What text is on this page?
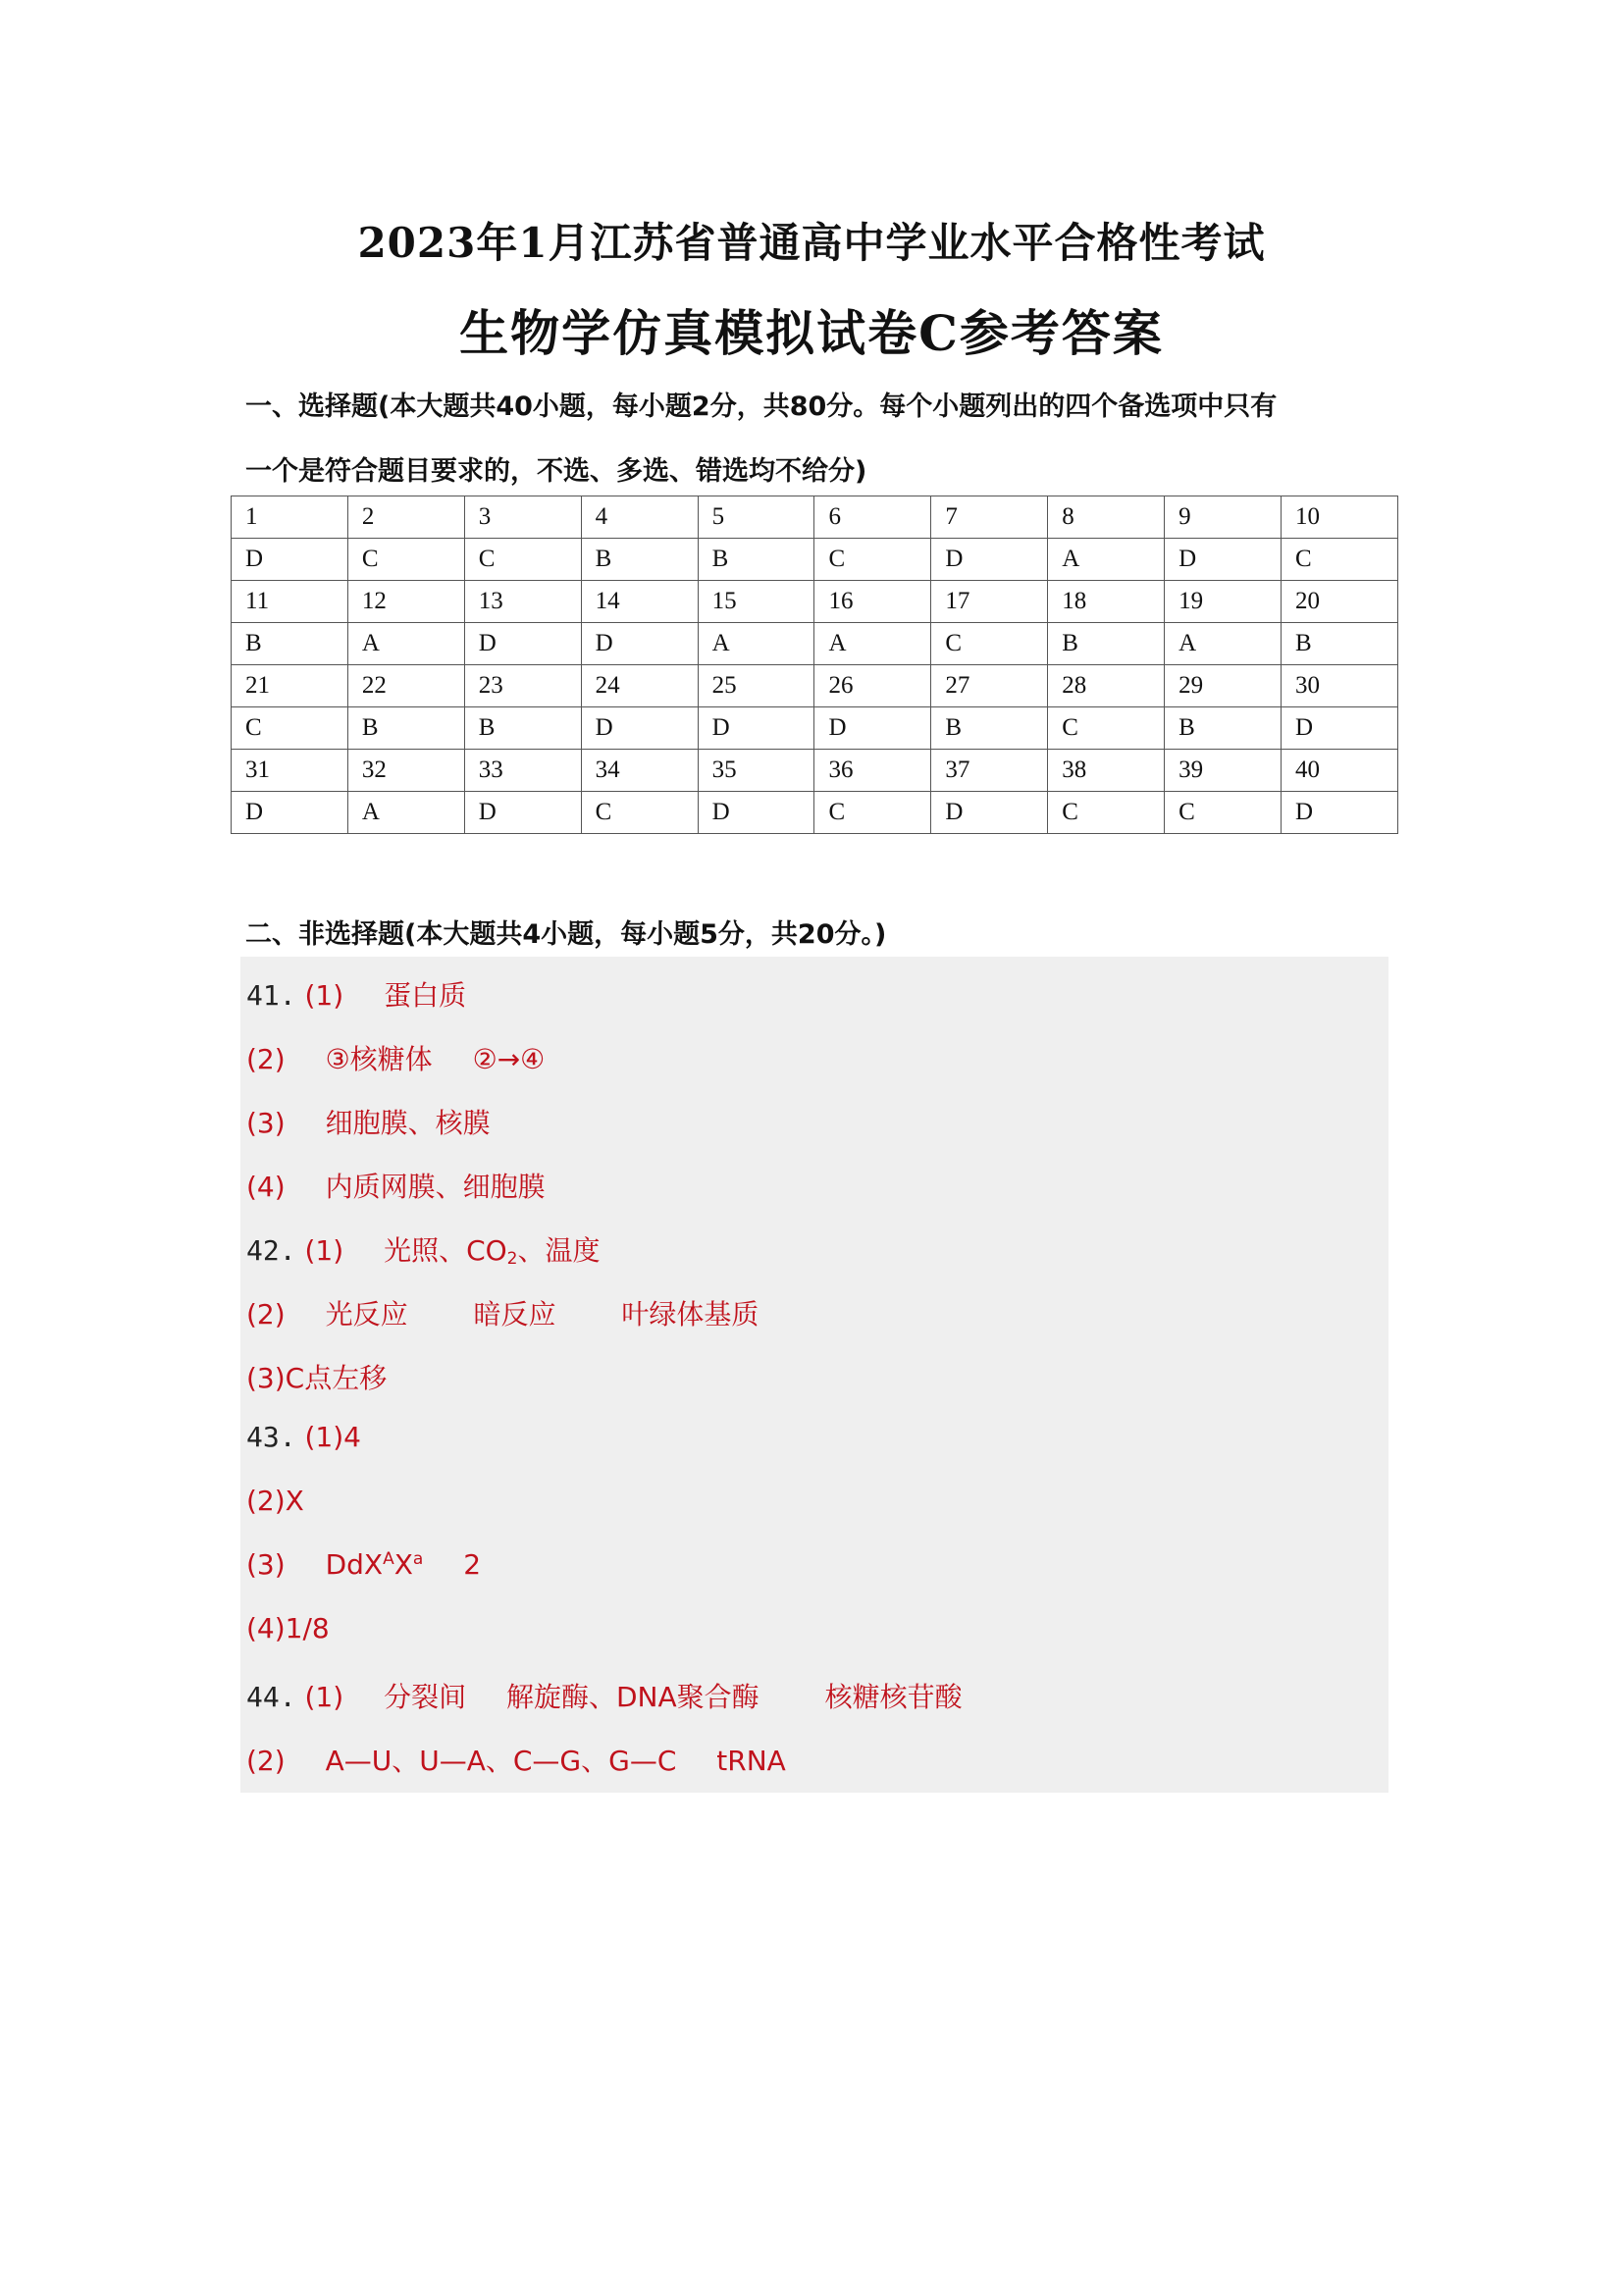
2023年1月江苏省普通高中学业水平合格性考试
生物学仿真模拟试卷C参考答案
一、选择题(本大题共40小题，每小题2分，共80分。每个小题列出的四个备选项中只有
一个是符合题目要求的，不选、多选、错选均不给分)
1	2	3	4	5	6	7	8	9	10
D	C	C	B	B	C	D	A	D	C
11	12	13	14	15	16	17	18	19	20
B	A	D	D	A	A	C	B	A	B
21	22	23	24	25	26	27	28	29	30
C	B	B	D	D	D	B	C	B	D
31	32	33	34	35	36	37	38	39	40
D	A	D	C	D	C	D	C	C	D
二、非选择题(本大题共4小题，每小题5分，共20分。)
41. (1) 蛋白质
(2) ③核糖体 ②→④
(3) 细胞膜、核膜
(4) 内质网膜、细胞膜
42. (1) 光照、$CO_2$、温度
(2) 光反应 暗反应 叶绿体基质
(3)C点左移
43. (1)4
(2)X
(3) $DdX^AX^a$ 2
(4)1/8
44. (1) 分裂间 解旋酶、DNA聚合酶 核糖核苷酸
(2) A—U、U—A、C—G、G—C tRNA
